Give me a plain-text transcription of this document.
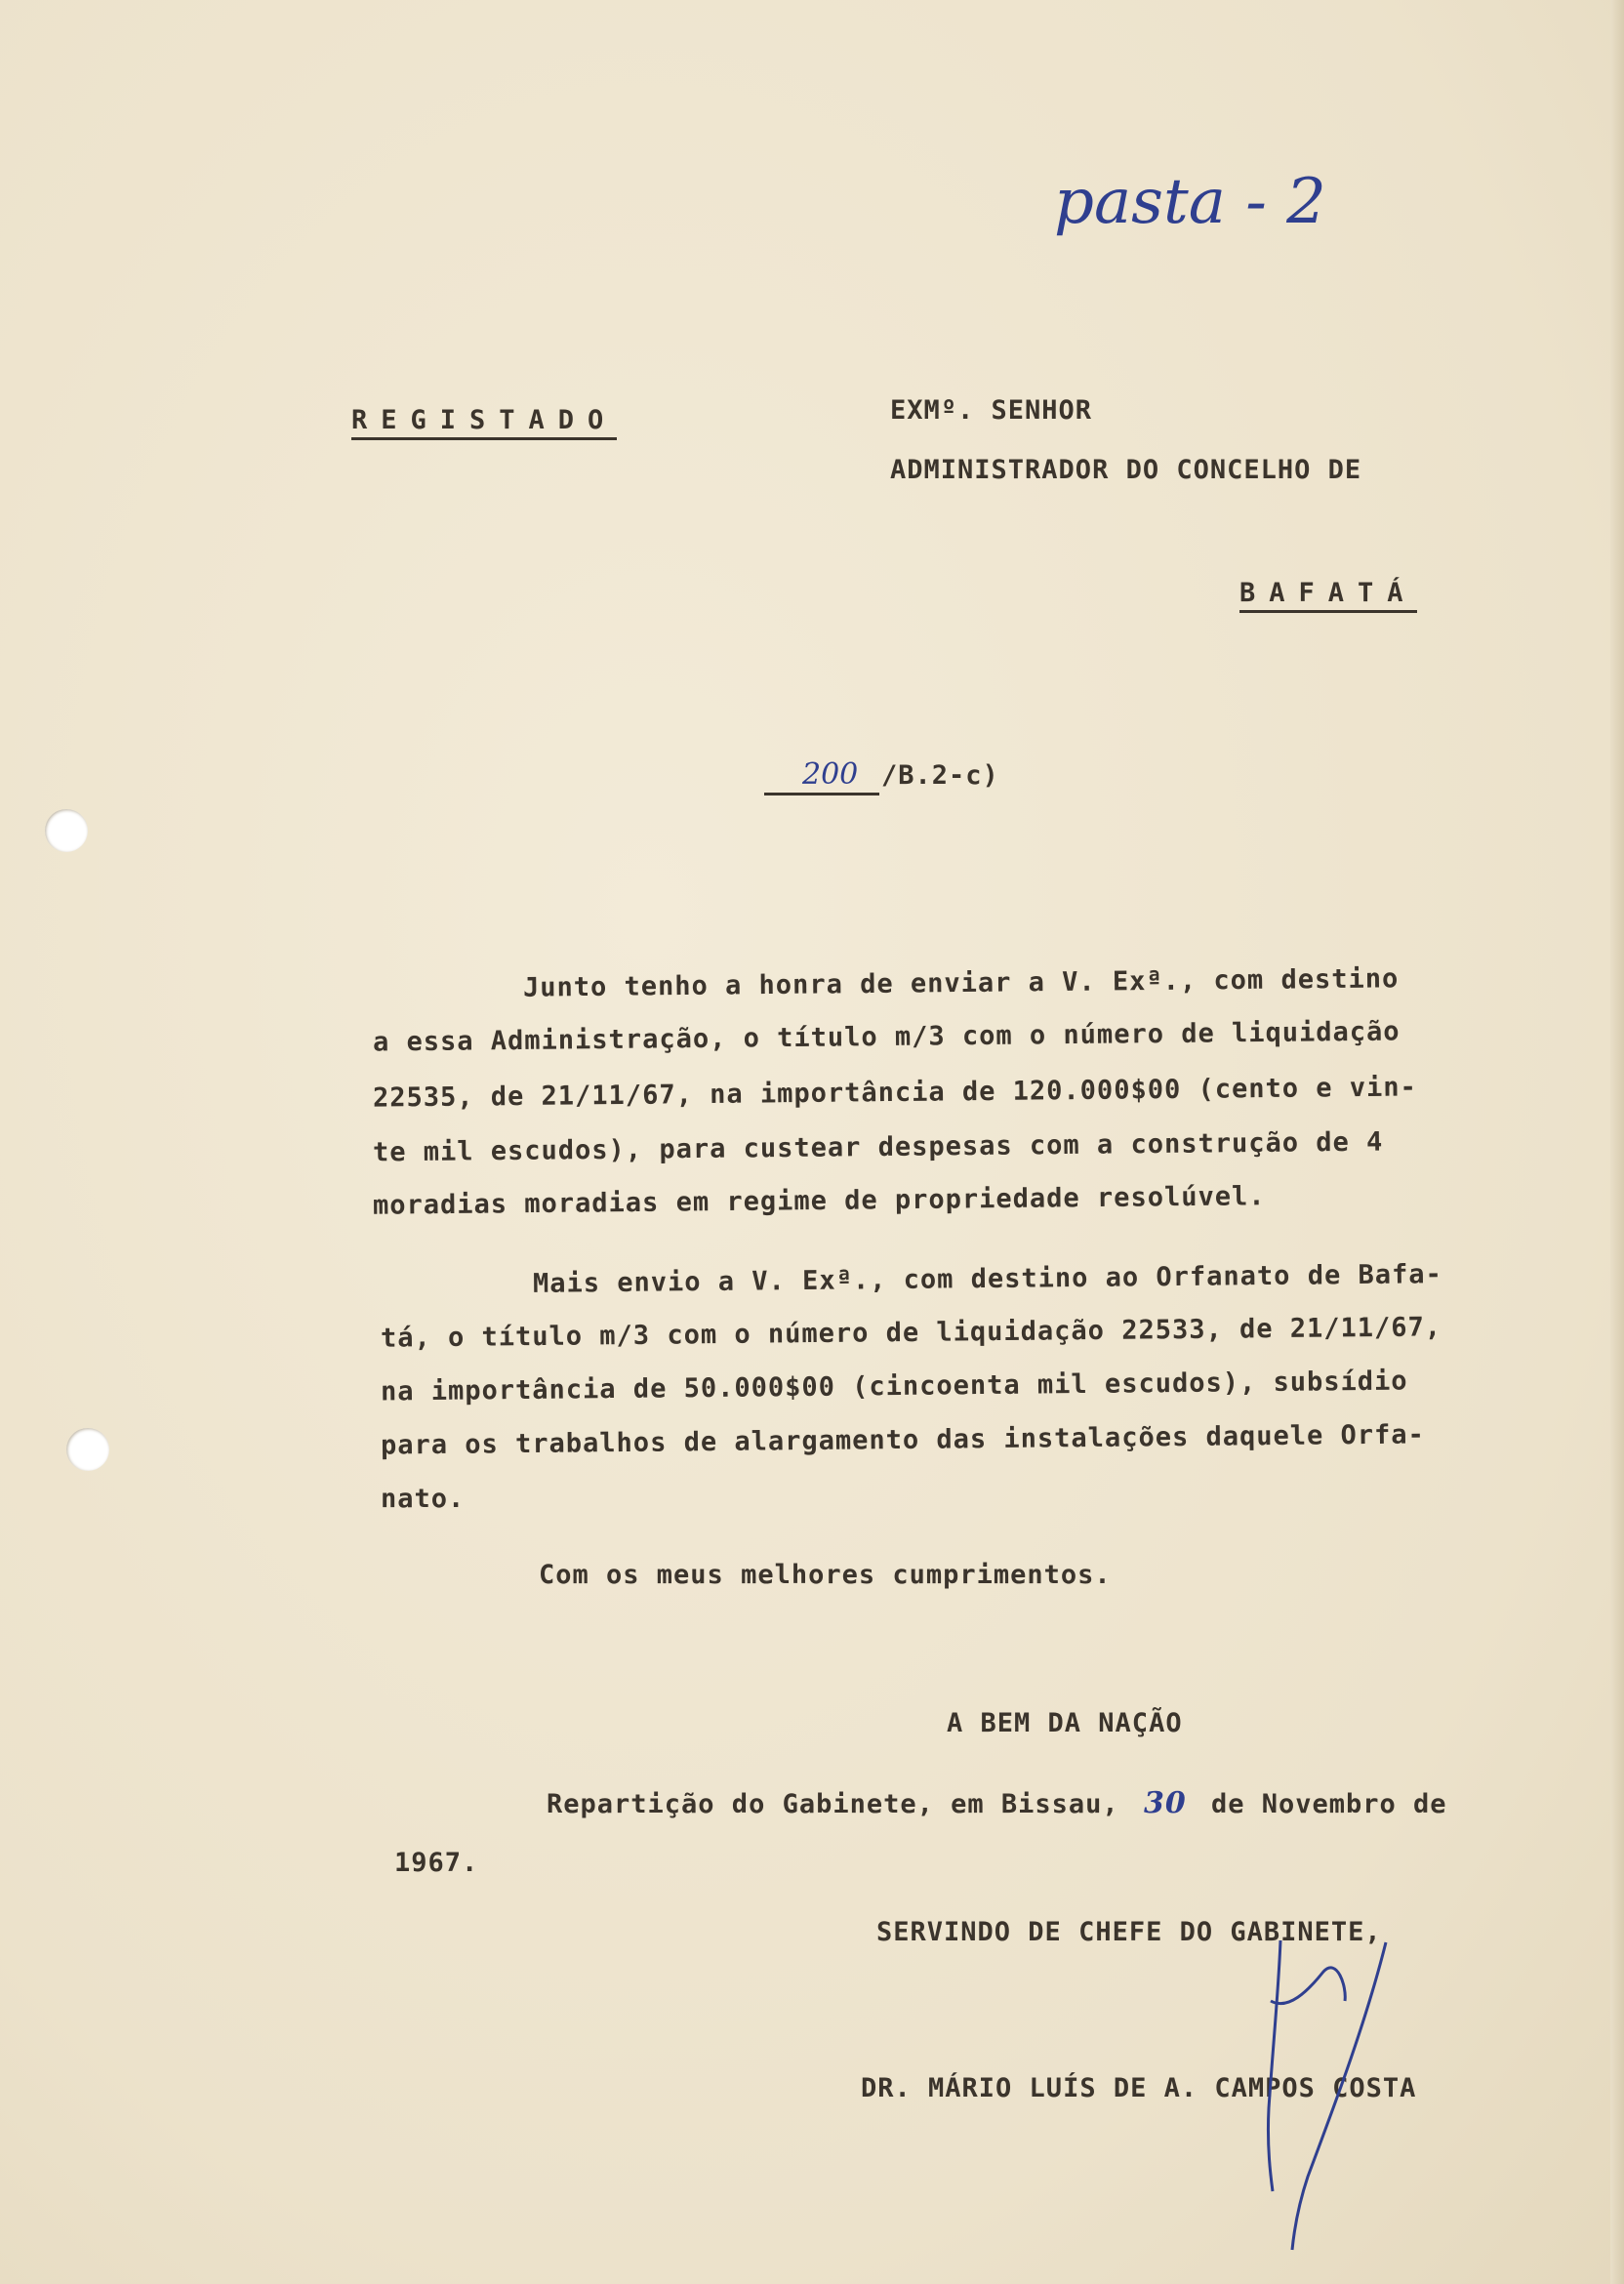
pasta - 2
REGISTADO	EXMº. SENHOR
ADMINISTRADOR DO CONCELHO DE
BAFATÁ
200 /B.2-c)
Junto tenho a honra de enviar a V. Exª., com destino
a essa Administração, o título m/3 com o número de liquidação
22535, de 21/11/67, na importância de 120.000$00 (cento e vin-
te mil escudos), para custear despesas com a construção de 4
moradias moradias em regime de propriedade resolúvel.
Mais envio a V. Exª., com destino ao Orfanato de Bafa-
tá, o título m/3 com o número de liquidação 22533, de 21/11/67,
na importância de 50.000$00 (cincoenta mil escudos), subsídio
para os trabalhos de alargamento das instalações daquele Orfa-
nato.
Com os meus melhores cumprimentos.
A BEM DA NAÇÃO
Repartição do Gabinete, em Bissau, 30 de Novembro de
1967.
SERVINDO DE CHEFE DO GABINETE,
DR. MÁRIO LUÍS DE A. CAMPOS COSTA
